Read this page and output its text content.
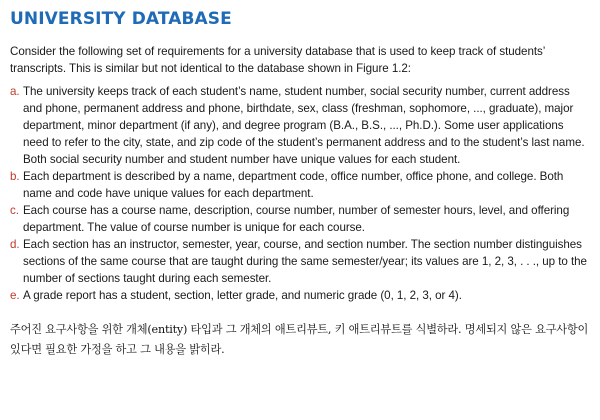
UNIVERSITY DATABASE

Consider the following set of requirements for a university database that is used to keep track of students’ transcripts. This is similar but not identical to the database shown in Figure 1.2:

a. The university keeps track of each student’s name, student number, social security number, current address and phone, permanent address and phone, birthdate, sex, class (freshman, sophomore, ..., graduate), major department, minor department (if any), and degree program (B.A., B.S., ..., Ph.D.). Some user applications need to refer to the city, state, and zip code of the student’s permanent address and to the student’s last name. Both social security number and student number have unique values for each student.
b. Each department is described by a name, department code, office number, office phone, and college. Both name and code have unique values for each department.
c. Each course has a course name, description, course number, number of semester hours, level, and offering department. The value of course number is unique for each course.
d. Each section has an instructor, semester, year, course, and section number. The section number distinguishes sections of the same course that are taught during the same semester/year; its values are 1, 2, 3, . . ., up to the number of sections taught during each semester.
e. A grade report has a student, section, letter grade, and numeric grade (0, 1, 2, 3, or 4).

주어진 요구사항을 위한 개체(entity) 타입과 그 개체의 애트리뷰트, 키 애트리뷰트를 식별하라. 명세되지 않은 요구사항이 있다면 필요한 가정을 하고 그 내용을 밝히라.
